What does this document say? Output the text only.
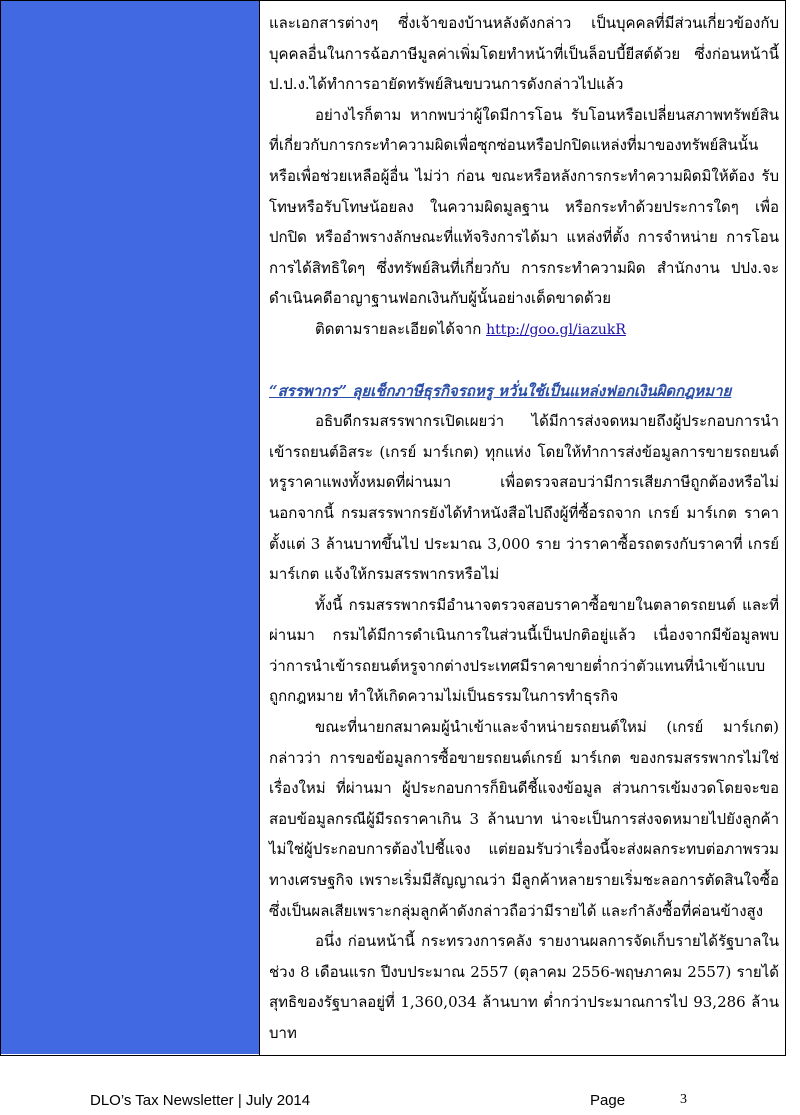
และเอกสารต่างๆ ซึ่งเจ้าของบ้านหลังดังกล่าว เป็นบุคคลที่มีส่วนเกี่ยวข้องกับบุคคลอื่นในการฉ้อภาษีมูลค่าเพิ่มโดยทำหน้าที่เป็นล็อบบี้ยีสต์ด้วย ซึ่งก่อนหน้านี้ ป.ป.ง.ได้ทำการอายัดทรัพย์สินขบวนการดังกล่าวไปแล้ว

อย่างไรก็ตาม หากพบว่าผู้ใดมีการโอน รับโอนหรือเปลี่ยนสภาพทรัพย์สินที่เกี่ยวกับการกระทำความผิดเพื่อซุกซ่อนหรือปกปิดแหล่งที่มาของทรัพย์สินนั้น หรือเพื่อช่วยเหลือผู้อื่น ไม่ว่า ก่อน ขณะหรือหลังการกระทำความผิดมิให้ต้อง รับโทษหรือรับโทษน้อยลง ในความผิดมูลฐาน หรือกระทำด้วยประการใดๆ เพื่อปกปิด หรืออำพรางลักษณะที่แท้จริงการได้มา แหล่งที่ตั้ง การจำหน่าย การโอน การได้สิทธิใดๆ ซึ่งทรัพย์สินที่เกี่ยวกับ การกระทำความผิด สำนักงาน ปปง.จะดำเนินคดีอาญาฐานฟอกเงินกับผู้นั้นอย่างเด็ดขาดด้วย

ติดตามรายละเอียดได้จาก http://goo.gl/iazukR

“สรรพากร” ลุยเช็กภาษีธุรกิจรถหรู หวั่นใช้เป็นแหล่งฟอกเงินผิดกฎหมาย

อธิบดีกรมสรรพากรเปิดเผยว่า ได้มีการส่งจดหมายถึงผู้ประกอบการนำเข้ารถยนต์อิสระ (เกรย์ มาร์เกต) ทุกแห่ง โดยให้ทำการส่งข้อมูลการขายรถยนต์หรูราคาแพงทั้งหมดที่ผ่านมา เพื่อตรวจสอบว่ามีการเสียภาษีถูกต้องหรือไม่ นอกจากนี้ กรมสรรพากรยังได้ทำหนังสือไปถึงผู้ที่ซื้อรถจาก เกรย์ มาร์เกต ราคาตั้งแต่ 3 ล้านบาทขึ้นไป ประมาณ 3,000 ราย ว่าราคาซื้อรถตรงกับราคาที่ เกรย์ มาร์เกต แจ้งให้กรมสรรพากรหรือไม่

ทั้งนี้ กรมสรรพากรมีอำนาจตรวจสอบราคาซื้อขายในตลาดรถยนต์ และที่ผ่านมา กรมได้มีการดำเนินการในส่วนนี้เป็นปกติอยู่แล้ว เนื่องจากมีข้อมูลพบว่าการนำเข้ารถยนต์หรูจากต่างประเทศมีราคาขายต่ำกว่าตัวแทนที่นำเข้าแบบถูกกฎหมาย ทำให้เกิดความไม่เป็นธรรมในการทำธุรกิจ

ขณะที่นายกสมาคมผู้นำเข้าและจำหน่ายรถยนต์ใหม่ (เกรย์ มาร์เกต) กล่าวว่า การขอข้อมูลการซื้อขายรถยนต์เกรย์ มาร์เกต ของกรมสรรพากรไม่ใช่เรื่องใหม่ ที่ผ่านมา ผู้ประกอบการก็ยินดีชี้แจงข้อมูล ส่วนการเข้มงวดโดยจะขอสอบข้อมูลกรณีผู้มีรถราคาเกิน 3 ล้านบาท น่าจะเป็นการส่งจดหมายไปยังลูกค้า ไม่ใช่ผู้ประกอบการต้องไปชี้แจง แต่ยอมรับว่าเรื่องนี้จะส่งผลกระทบต่อภาพรวมทางเศรษฐกิจ เพราะเริ่มมีสัญญาณว่า มีลูกค้าหลายรายเริ่มชะลอการตัดสินใจซื้อ ซึ่งเป็นผลเสียเพราะกลุ่มลูกค้าดังกล่าวถือว่ามีรายได้ และกำลังซื้อที่ค่อนข้างสูง

อนึ่ง ก่อนหน้านี้ กระทรวงการคลัง รายงานผลการจัดเก็บรายได้รัฐบาลในช่วง 8 เดือนแรก ปีงบประมาณ 2557 (ตุลาคม 2556-พฤษภาคม 2557) รายได้สุทธิของรัฐบาลอยู่ที่ 1,360,034 ล้านบาท ต่ำกว่าประมาณการไป 93,286 ล้านบาท

DLO’s Tax Newsletter | July 2014	Page	3
